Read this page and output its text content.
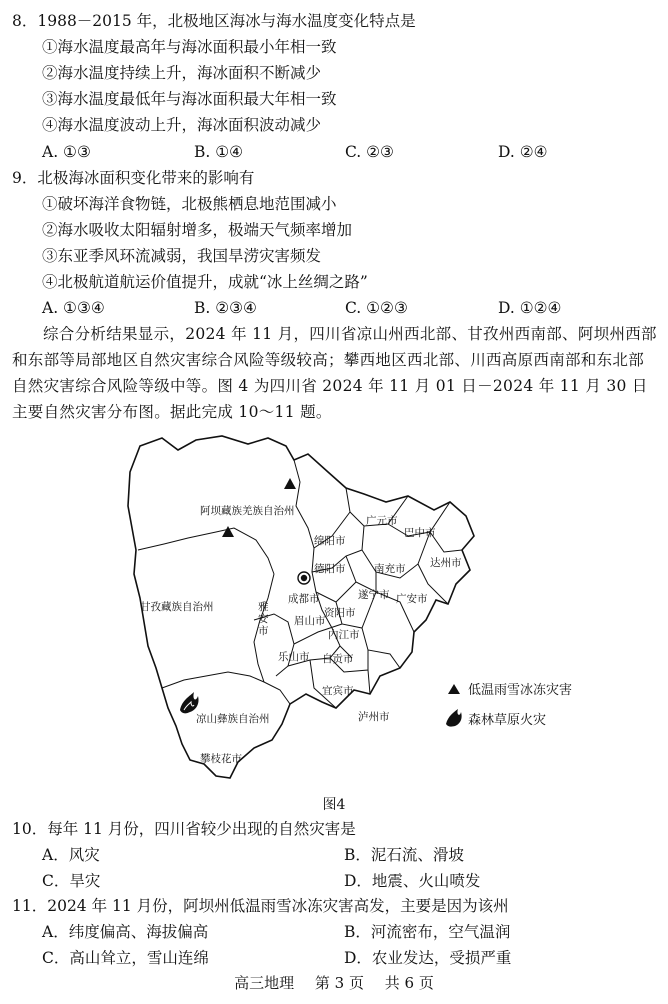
8．1988－2015 年，北极地区海冰与海水温度变化特点是
①海水温度最高年与海冰面积最小年相一致
②海水温度持续上升，海冰面积不断减少
③海水温度最低年与海冰面积最大年相一致
④海水温度波动上升，海冰面积波动减少
A. ①③	B. ①④	C. ②③	D. ②④
9．北极海冰面积变化带来的影响有
①破坏海洋食物链，北极熊栖息地范围减小
②海水吸收太阳辐射增多，极端天气频率增加
③东亚季风环流减弱，我国旱涝灾害频发
④北极航道航运价值提升，成就“冰上丝绸之路”
A. ①③④	B. ②③④	C. ①②③	D. ①②④
综合分析结果显示，2024 年 11 月，四川省凉山州西北部、甘孜州西南部、阿坝州西部和东部等局部地区自然灾害综合风险等级较高；攀西地区西北部、川西高原西南部和东北部自然灾害综合风险等级中等。图 4 为四川省 2024 年 11 月 01 日－2024 年 11 月 30 日主要自然灾害分布图。据此完成 10～11 题。
阿坝藏族羌族自治州
甘孜藏族自治州
凉山彝族自治州
攀枝花市
广元市
巴中市
绵阳市
达州市
南充市
德阳市
遂宁市 广安市
成都市
资阳市
雅
安
市
眉山市
内江市
乐山市 自贡市
宜宾市
泸州市
低温雨雪冰冻灾害
森林草原火灾
图4
10．每年 11 月份，四川省较少出现的自然灾害是
A．风灾	B．泥石流、滑坡
C．旱灾	D．地震、火山喷发
11．2024 年 11 月份，阿坝州低温雨雪冰冻灾害高发，主要是因为该州
A．纬度偏高、海拔偏高	B．河流密布，空气温润
C．高山耸立，雪山连绵	D．农业发达，受损严重
高三地理 第 3 页 共 6 页
